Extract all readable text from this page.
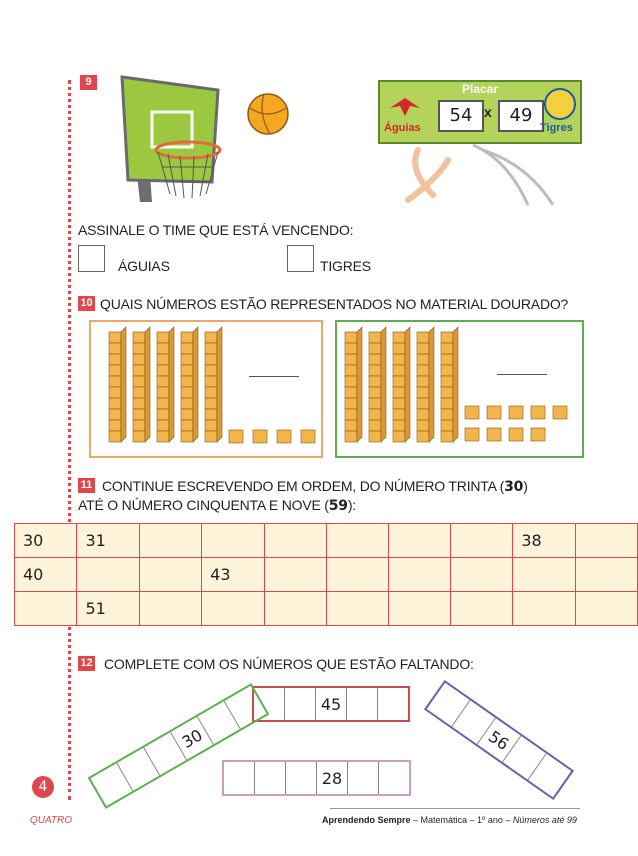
9	Placar
Águias
54 x 49
Tigres
ASSINALE O TIME QUE ESTÁ VENCENDO:
ÁGUIAS	TIGRES
10 QUAIS NÚMEROS ESTÃO REPRESENTADOS NO MATERIAL DOURADO?
11 CONTINUE ESCREVENDO EM ORDEM, DO NÚMERO TRINTA (30)
ATÉ O NÚMERO CINQUENTA E NOVE (59):
30	31							38	
40			43						
	51								
12 COMPLETE COM OS NÚMEROS QUE ESTÃO FALTANDO:
45
28
30	56
4
QUATRO	Aprendendo Sempre – Matemática – 1º ano – Números até 99
